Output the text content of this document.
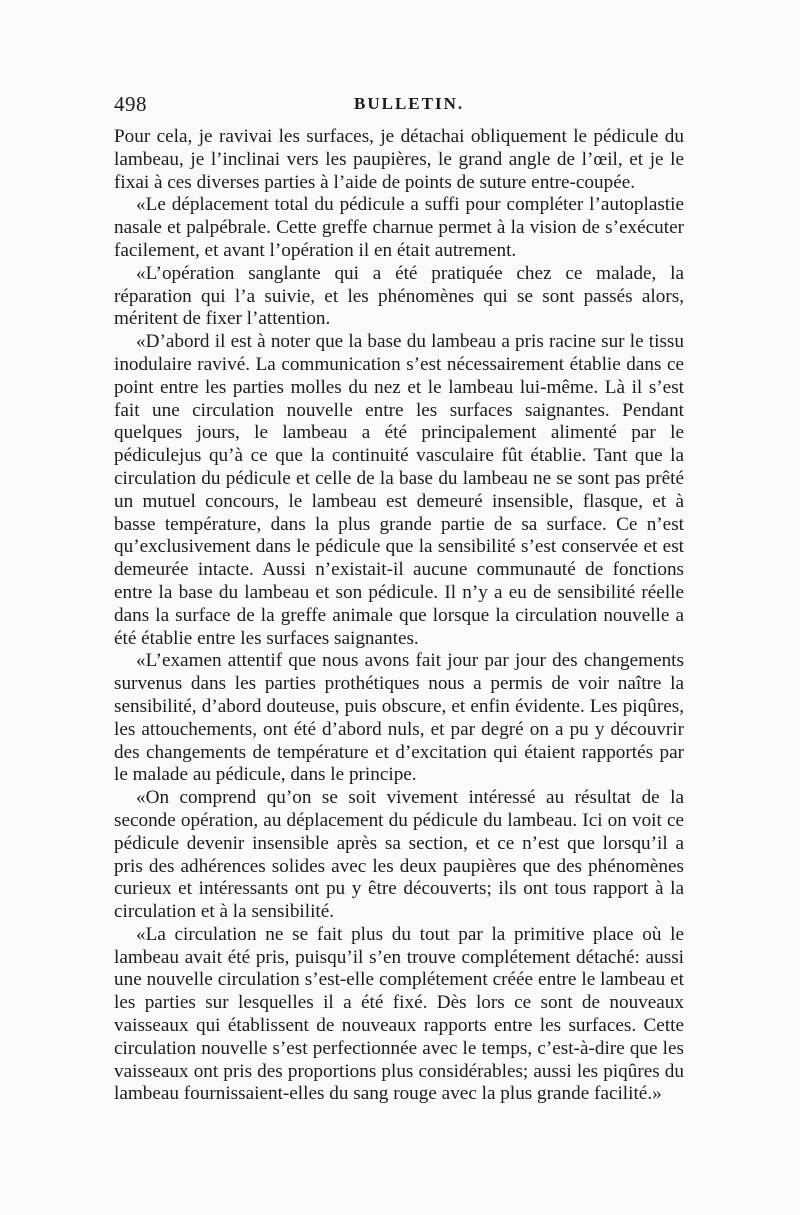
498	BULLETIN.

Pour cela, je ravivai les surfaces, je détachai obliquement le pédicule du lambeau, je l’inclinai vers les paupières, le grand angle de l’œil, et je le fixai à ces diverses parties à l’aide de points de suture entre-coupée.

«Le déplacement total du pédicule a suffi pour compléter l’autoplastie nasale et palpébrale. Cette greffe charnue permet à la vision de s’exécuter facilement, et avant l’opération il en était autrement.

«L’opération sanglante qui a été pratiquée chez ce malade, la réparation qui l’a suivie, et les phénomènes qui se sont passés alors, méritent de fixer l’attention.

«D’abord il est à noter que la base du lambeau a pris racine sur le tissu inodulaire ravivé. La communication s’est nécessairement établie dans ce point entre les parties molles du nez et le lambeau lui-même. Là il s’est fait une circulation nouvelle entre les surfaces saignantes. Pendant quelques jours, le lambeau a été principalement alimenté par le pédiculejus qu’à ce que la continuité vasculaire fût établie. Tant que la circulation du pédicule et celle de la base du lambeau ne se sont pas prêté un mutuel concours, le lambeau est demeuré insensible, flasque, et à basse température, dans la plus grande partie de sa surface. Ce n’est qu’exclusivement dans le pédicule que la sensibilité s’est conservée et est demeurée intacte. Aussi n’existait-il aucune communauté de fonctions entre la base du lambeau et son pédicule. Il n’y a eu de sensibilité réelle dans la surface de la greffe animale que lorsque la circulation nouvelle a été établie entre les surfaces saignantes.

«L’examen attentif que nous avons fait jour par jour des changements survenus dans les parties prothétiques nous a permis de voir naître la sensibilité, d’abord douteuse, puis obscure, et enfin évidente. Les piqûres, les attouchements, ont été d’abord nuls, et par degré on a pu y découvrir des changements de température et d’excitation qui étaient rapportés par le malade au pédicule, dans le principe.

«On comprend qu’on se soit vivement intéressé au résultat de la seconde opération, au déplacement du pédicule du lambeau. Ici on voit ce pédicule devenir insensible après sa section, et ce n’est que lorsqu’il a pris des adhérences solides avec les deux paupières que des phénomènes curieux et intéressants ont pu y être découverts; ils ont tous rapport à la circulation et à la sensibilité.

«La circulation ne se fait plus du tout par la primitive place où le lambeau avait été pris, puisqu’il s’en trouve complétement détaché: aussi une nouvelle circulation s’est-elle complétement créée entre le lambeau et les parties sur lesquelles il a été fixé. Dès lors ce sont de nouveaux vaisseaux qui établissent de nouveaux rapports entre les surfaces. Cette circulation nouvelle s’est perfectionnée avec le temps, c’est-à-dire que les vaisseaux ont pris des proportions plus considérables; aussi les piqûres du lambeau fournissaient-elles du sang rouge avec la plus grande facilité.»
